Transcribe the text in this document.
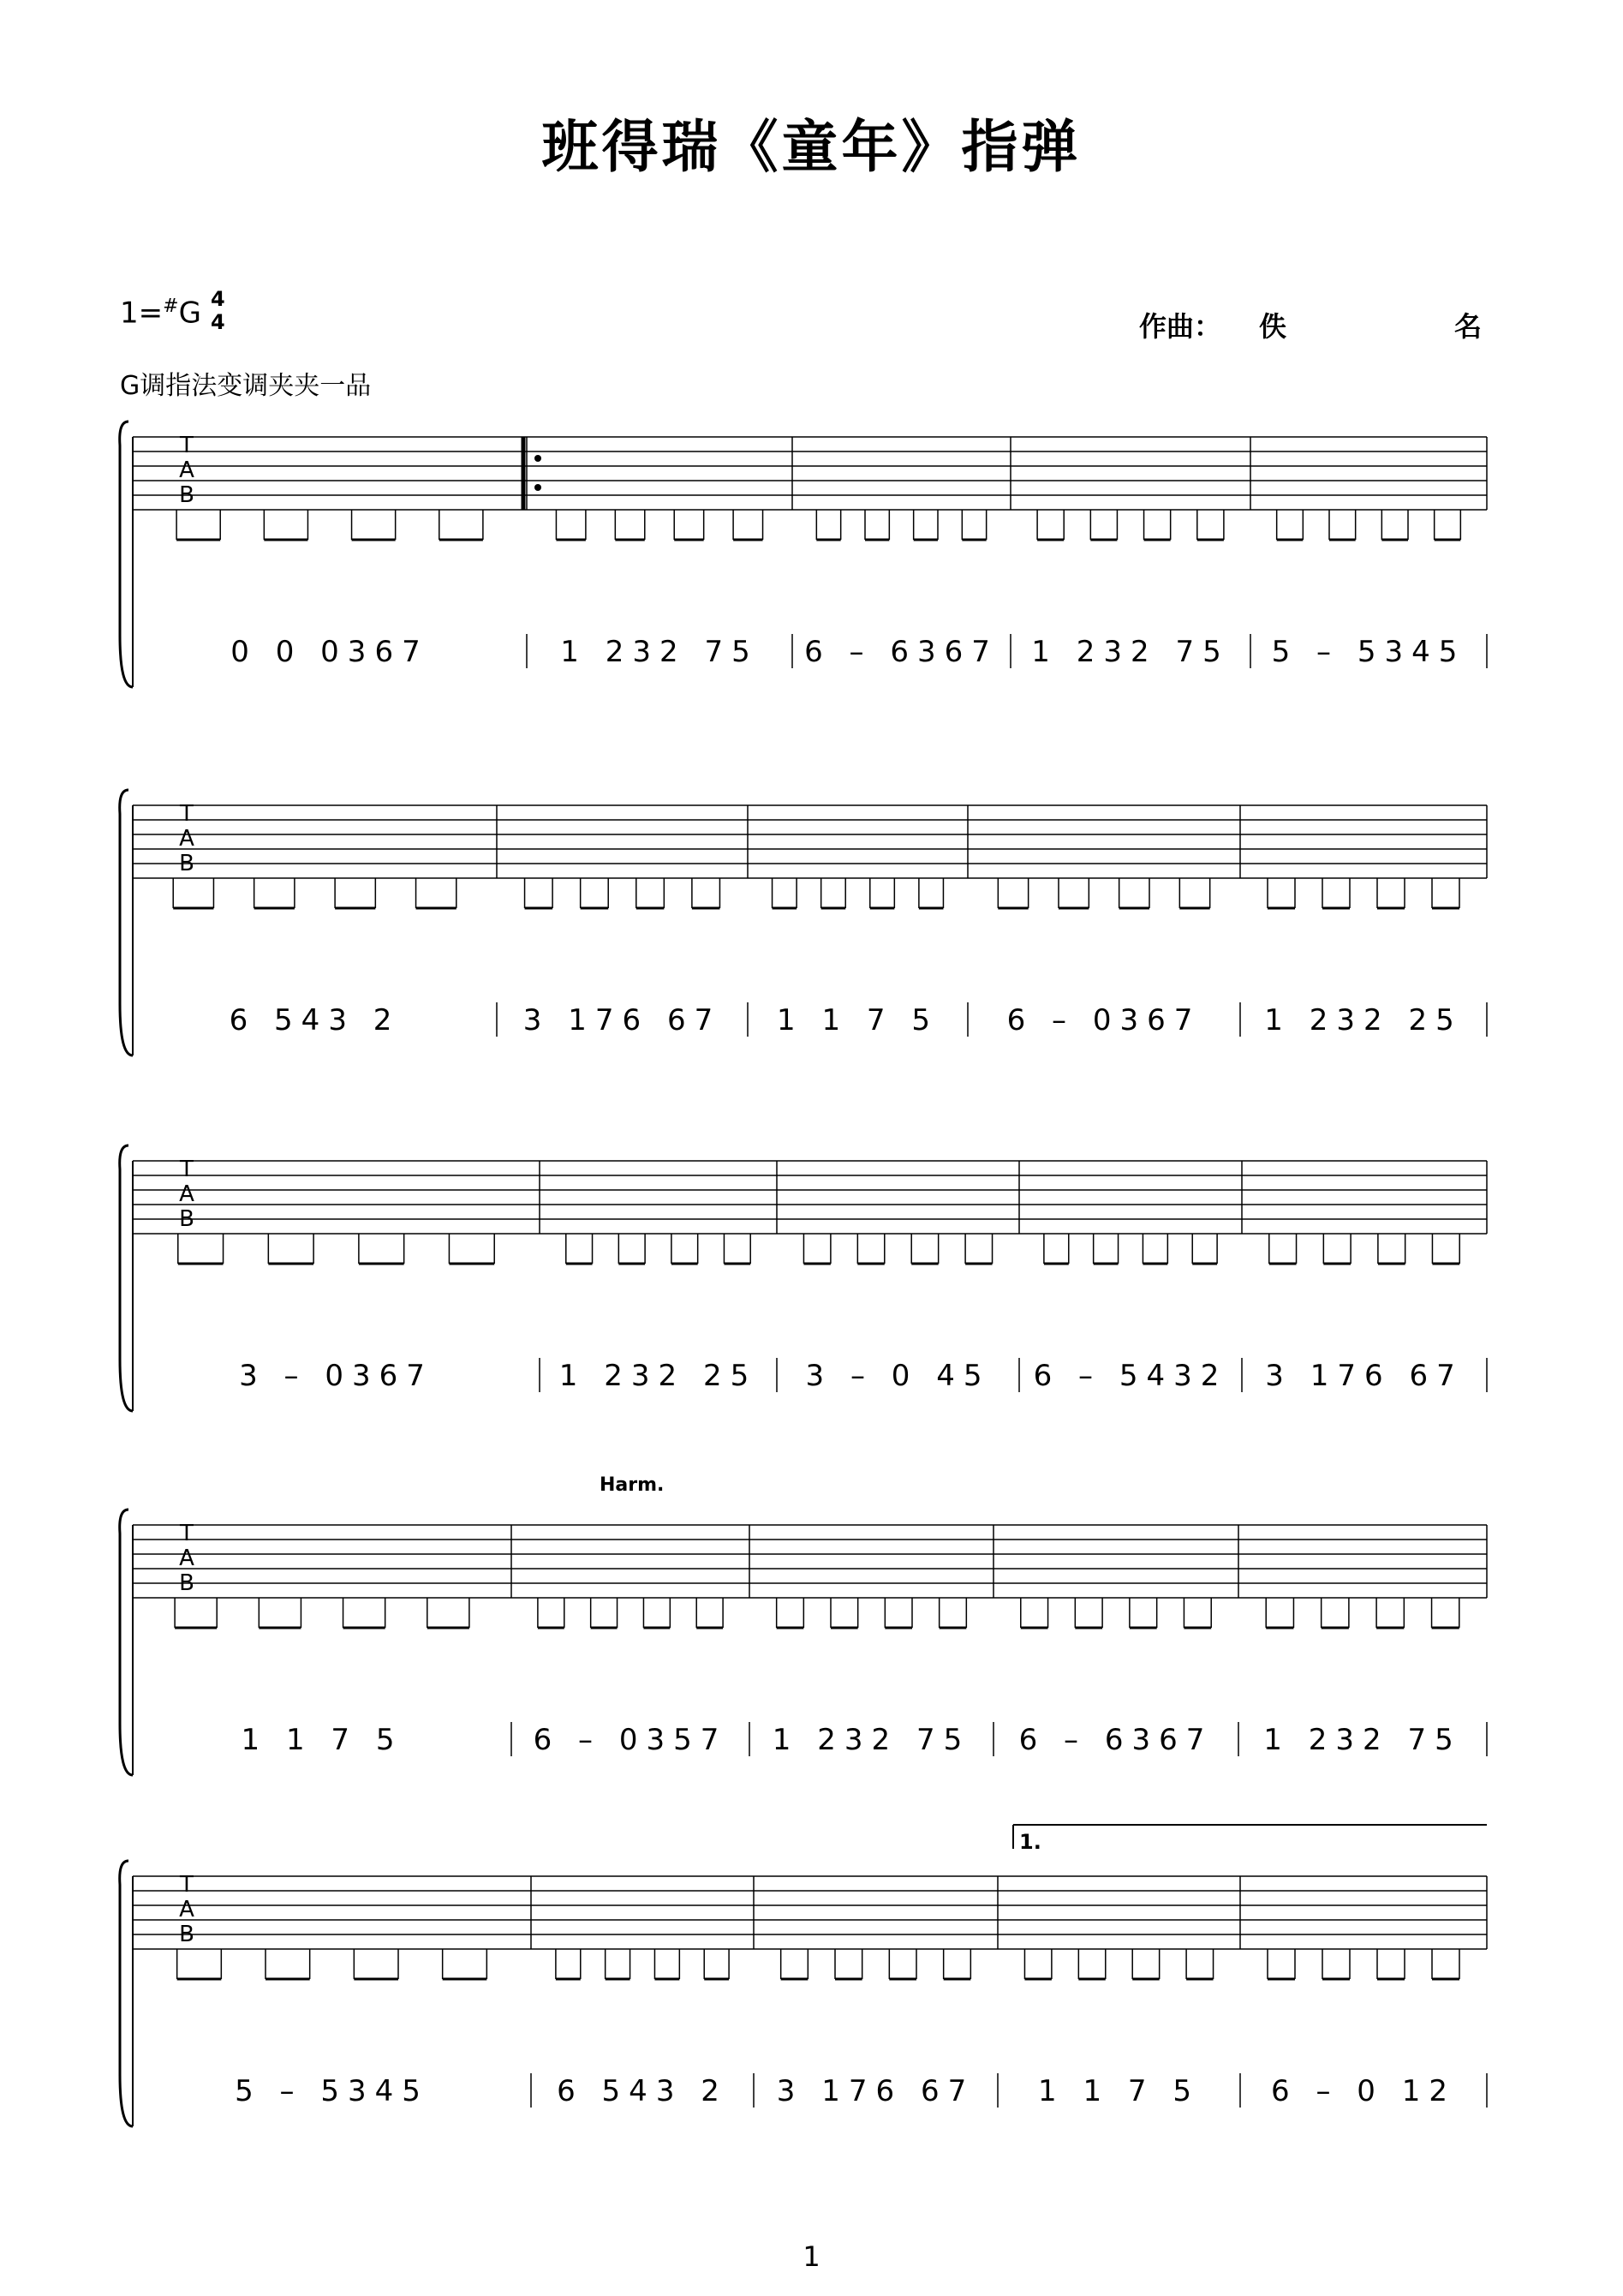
班得瑞《童年》指弹
1=#G 4
4	作曲： 佚	名
G调指法变调夹夹一品
T
A
B
0 0 0367	1 232 75 6 – 6367 1 232 75 5 – 5345
T
A
B
6 543 2	3 176 67 1 1 7 5 6 – 0367 1 232 25
T
A
B
3 – 0367	1 232 25 3 – 0 45 6 – 5432 3 176 67
T
A
B
1 1 7 5	6 – 0357 1 232 75 6 – 6367 1 232 75
T
A
B
5 – 5345	6 543 2 3 176 67 1 1 7 5 6 – 0 12
Harm.
1.
1
